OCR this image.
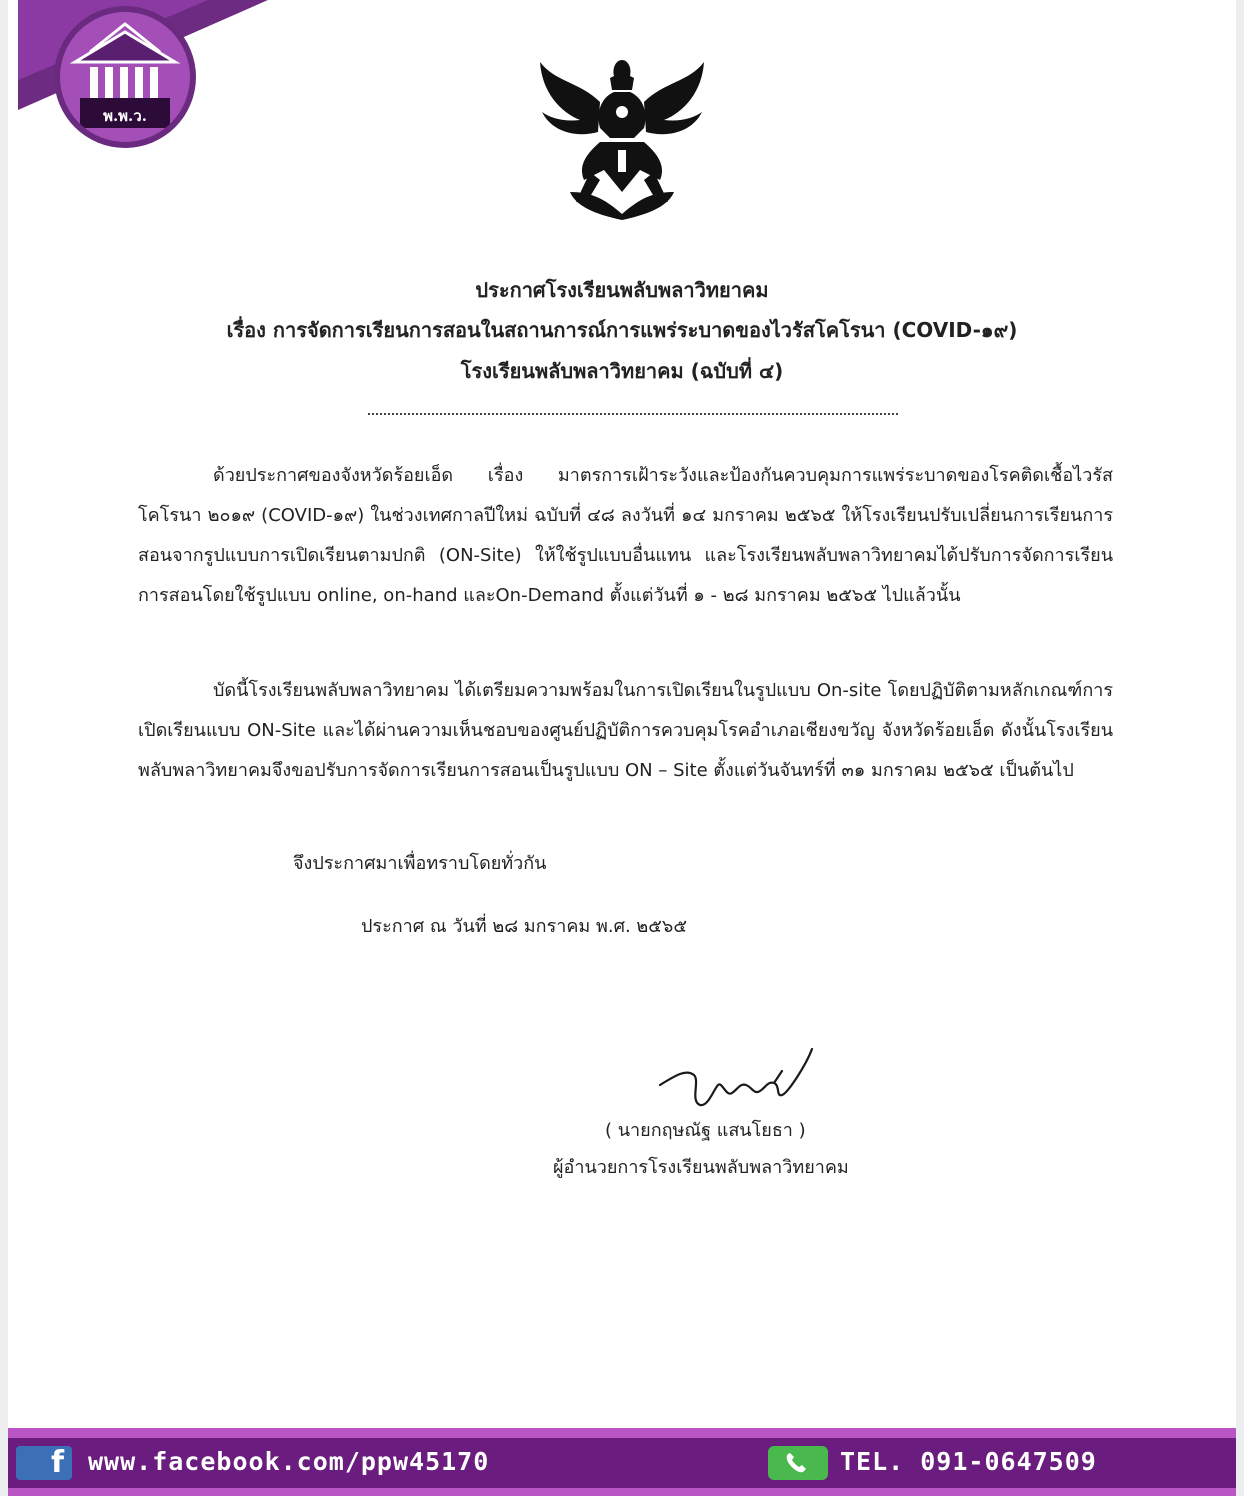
พ.พ.ว.
ประกาศโรงเรียนพลับพลาวิทยาคม
เรื่อง การจัดการเรียนการสอนในสถานการณ์การแพร่ระบาดของไวรัสโคโรนา (COVID-๑๙)
โรงเรียนพลับพลาวิทยาคม (ฉบับที่ ๔)
ด้วยประกาศของจังหวัดร้อยเอ็ด เรื่อง มาตรการเฝ้าระวังและป้องกันควบคุมการแพร่ระบาดของโรคติดเชื้อไวรัสโคโรนา ๒๐๑๙ (COVID-๑๙) ในช่วงเทศกาลปีใหม่ ฉบับที่ ๔๘ ลงวันที่ ๑๔ มกราคม ๒๕๖๕ ให้โรงเรียนปรับเปลี่ยนการเรียนการสอนจากรูปแบบการเปิดเรียนตามปกติ (ON-Site) ให้ใช้รูปแบบอื่นแทน และโรงเรียนพลับพลาวิทยาคมได้ปรับการจัดการเรียนการสอนโดยใช้รูปแบบ online, on-hand และOn-Demand ตั้งแต่วันที่ ๑ - ๒๘ มกราคม ๒๕๖๕ ไปแล้วนั้น
บัดนี้โรงเรียนพลับพลาวิทยาคม ได้เตรียมความพร้อมในการเปิดเรียนในรูปแบบ On-site โดยปฏิบัติตามหลักเกณฑ์การเปิดเรียนแบบ ON-Site และได้ผ่านความเห็นชอบของศูนย์ปฏิบัติการควบคุมโรคอำเภอเชียงขวัญ จังหวัดร้อยเอ็ด ดังนั้นโรงเรียนพลับพลาวิทยาคมจึงขอปรับการจัดการเรียนการสอนเป็นรูปแบบ ON – Site ตั้งแต่วันจันทร์ที่ ๓๑ มกราคม ๒๕๖๕ เป็นต้นไป
จึงประกาศมาเพื่อทราบโดยทั่วกัน
ประกาศ ณ วันที่ ๒๘ มกราคม พ.ศ. ๒๕๖๕
( นายกฤษณัฐ แสนโยธา )
ผู้อำนวยการโรงเรียนพลับพลาวิทยาคม
f www.facebook.com/ppw45170	TEL. 091-0647509
